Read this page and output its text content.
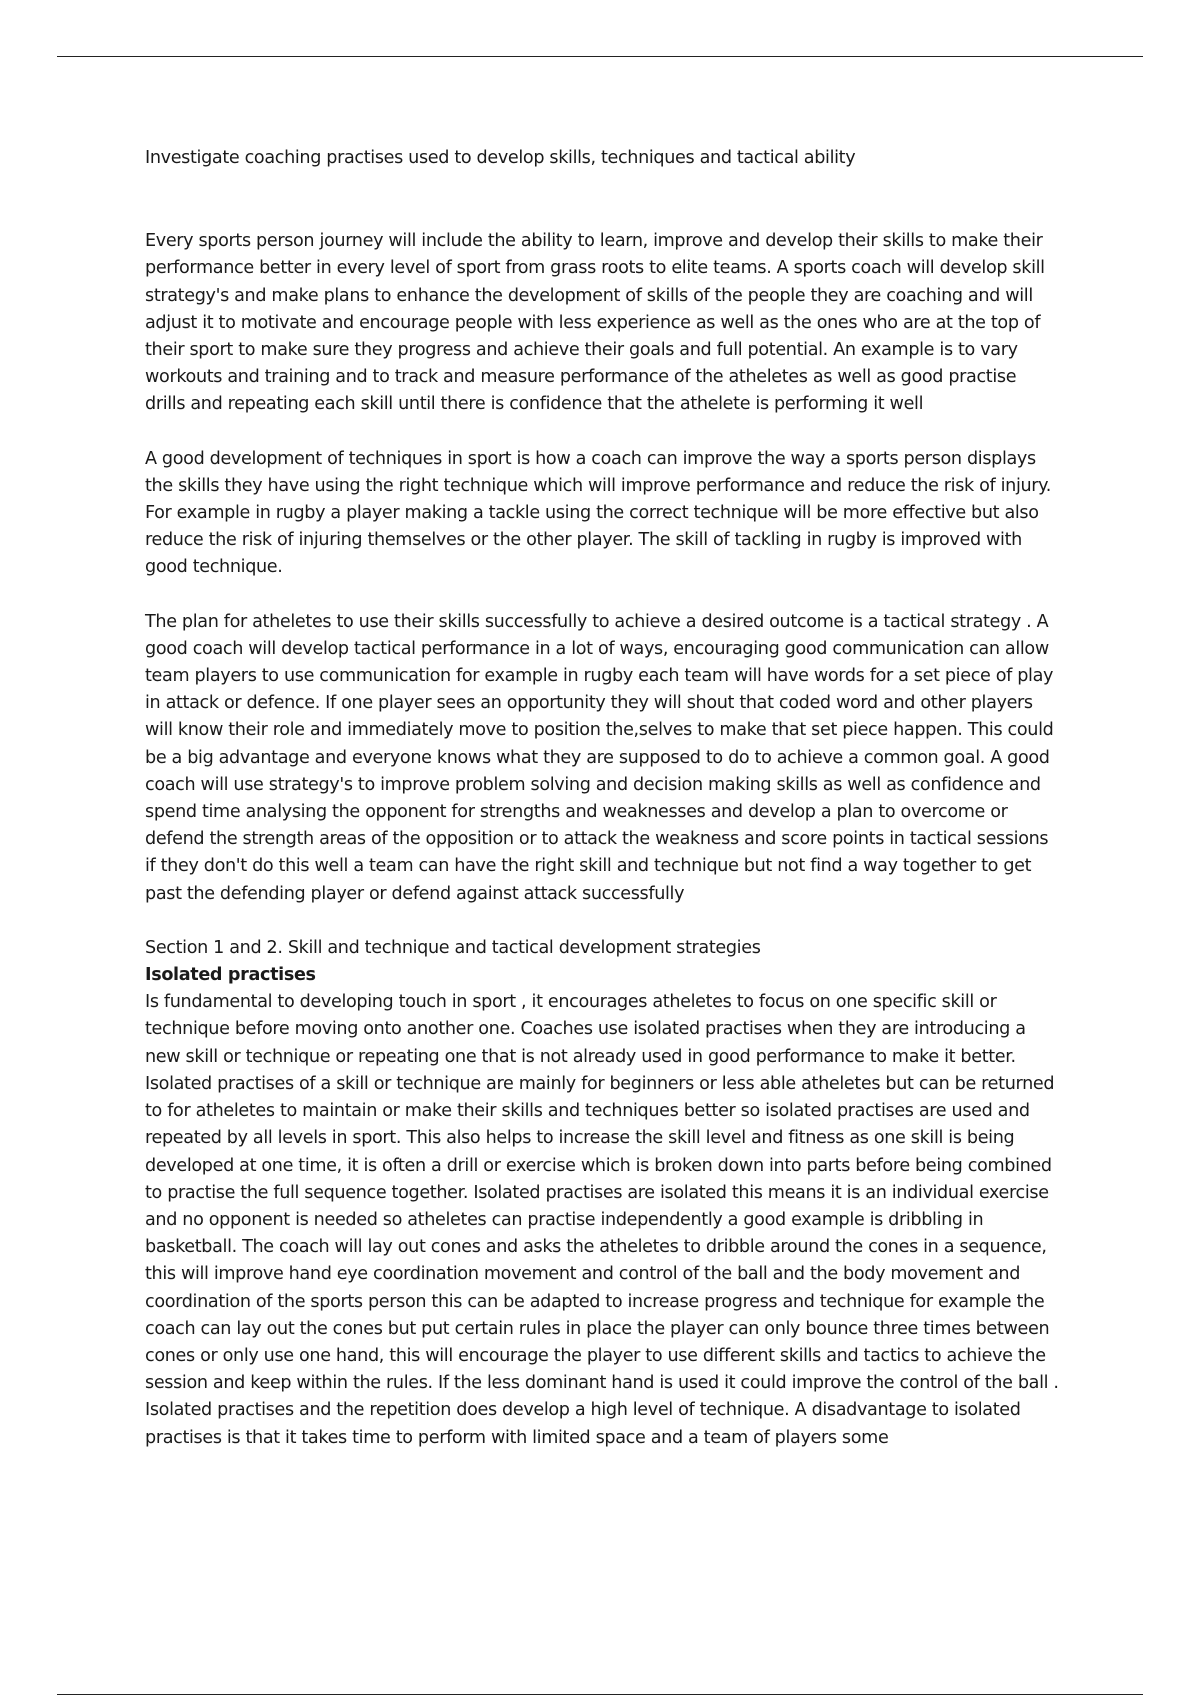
Investigate coaching practises used to develop skills, techniques and tactical ability

Every sports person journey will include the ability to learn, improve and develop their skills to make their performance better in every level of sport from grass roots to elite teams. A sports coach will develop skill strategy's and make plans to enhance the development of skills of the people they are coaching and will adjust it to motivate and encourage people with less experience as well as the ones who are at the top of their sport to make sure they progress and achieve their goals and full potential. An example is to vary workouts and training and to track and measure performance of the atheletes as well as good practise drills and repeating each skill until there is confidence that the athelete is performing it well

A good development of techniques in sport is how a coach can improve the way a sports person displays the skills they have using the right technique which will improve performance and reduce the risk of injury. For example in rugby a player making a tackle using the correct technique will be more effective but also reduce the risk of injuring themselves or the other player. The skill of tackling in rugby is improved with good technique.

The plan for atheletes to use their skills successfully to achieve a desired outcome is a tactical strategy . A good coach will develop tactical performance in a lot of ways, encouraging good communication can allow team players to use communication for example in rugby each team will have words for a set piece of play in attack or defence. If one player sees an opportunity they will shout that coded word and other players will know their role and immediately move to position the,selves to make that set piece happen. This could be a big advantage and everyone knows what they are supposed to do to achieve a common goal. A good coach will use strategy's to improve problem solving and decision making skills as well as confidence and spend time analysing the opponent for strengths and weaknesses and develop a plan to overcome or defend the strength areas of the opposition or to attack the weakness and score points in tactical sessions if they don't do this well a team can have the right skill and technique but not find a way together to get past the defending player or defend against attack successfully

Section 1 and 2. Skill and technique and tactical development strategies

Isolated practises

Is fundamental to developing touch in sport , it encourages atheletes to focus on one specific skill or technique before moving onto another one. Coaches use isolated practises when they are introducing a new skill or technique or repeating one that is not already used in good performance to make it better. Isolated practises of a skill or technique are mainly for beginners or less able atheletes but can be returned to for atheletes to maintain or make their skills and techniques better so isolated practises are used and repeated by all levels in sport. This also helps to increase the skill level and fitness as one skill is being developed at one time, it is often a drill or exercise which is broken down into parts before being combined to practise the full sequence together. Isolated practises are isolated this means it is an individual exercise and no opponent is needed so atheletes can practise independently a good example is dribbling in basketball. The coach will lay out cones and asks the atheletes to dribble around the cones in a sequence, this will improve hand eye coordination movement and control of the ball and the body movement and coordination of the sports person this can be adapted to increase progress and technique for example the coach can lay out the cones but put certain rules in place the player can only bounce three times between cones or only use one hand, this will encourage the player to use different skills and tactics to achieve the session and keep within the rules. If the less dominant hand is used it could improve the control of the ball . Isolated practises and the repetition does develop a high level of technique. A disadvantage to isolated practises is that it takes time to perform with limited space and a team of players some
